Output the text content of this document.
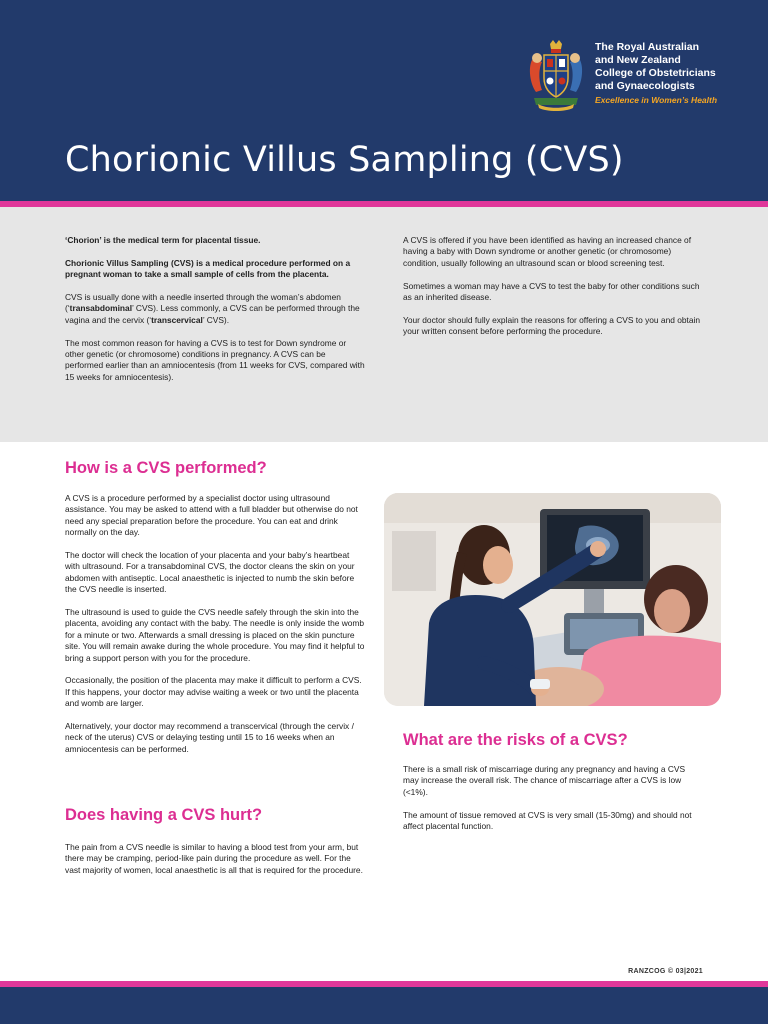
The Royal Australian
and New Zealand
College of Obstetricians
and Gynaecologists
Excellence in Women’s Health
Chorionic Villus Sampling (CVS)

‘Chorion’ is the medical term for placental tissue.

Chorionic Villus Sampling (CVS) is a medical procedure performed on a pregnant woman to take a small sample of cells from the placenta.

CVS is usually done with a needle inserted through the woman’s abdomen (‘transabdominal’ CVS). Less commonly, a CVS can be performed through the vagina and the cervix (‘transcervical’ CVS).

The most common reason for having a CVS is to test for Down syndrome or other genetic (or chromosome) conditions in pregnancy. A CVS can be performed earlier than an amniocentesis (from 11 weeks for CVS, compared with 15 weeks for amniocentesis).

A CVS is offered if you have been identified as having an increased chance of having a baby with Down syndrome or another genetic (or chromosome) condition, usually following an ultrasound scan or blood screening test.

Sometimes a woman may have a CVS to test the baby for other conditions such as an inherited disease.

Your doctor should fully explain the reasons for offering a CVS to you and obtain your written consent before performing the procedure.

How is a CVS performed?

A CVS is a procedure performed by a specialist doctor using ultrasound assistance. You may be asked to attend with a full bladder but otherwise do not need any special preparation before the procedure. You can eat and drink normally on the day.

The doctor will check the location of your placenta and your baby’s heartbeat with ultrasound. For a transabdominal CVS, the doctor cleans the skin on your abdomen with antiseptic. Local anaesthetic is injected to numb the skin before the CVS needle is inserted.

The ultrasound is used to guide the CVS needle safely through the skin into the placenta, avoiding any contact with the baby. The needle is only inside the womb for a minute or two. Afterwards a small dressing is placed on the skin puncture site. You will remain awake during the whole procedure. You may find it helpful to bring a support person with you for the procedure.

Occasionally, the position of the placenta may make it difficult to perform a CVS. If this happens, your doctor may advise waiting a week or two until the placenta and womb are larger.

Alternatively, your doctor may recommend a transcervical (through the cervix / neck of the uterus) CVS or delaying testing until 15 to 16 weeks when an amniocentesis can be performed.

Does having a CVS hurt?

The pain from a CVS needle is similar to having a blood test from your arm, but there may be cramping, period-like pain during the procedure as well. For the vast majority of women, local anaesthetic is all that is required for the procedure.

What are the risks of a CVS?

There is a small risk of miscarriage during any pregnancy and having a CVS may increase the overall risk. The chance of miscarriage after a CVS is low (<1%).

The amount of tissue removed at CVS is very small (15-30mg) and should not affect placental function.

RANZCOG © 03|2021
